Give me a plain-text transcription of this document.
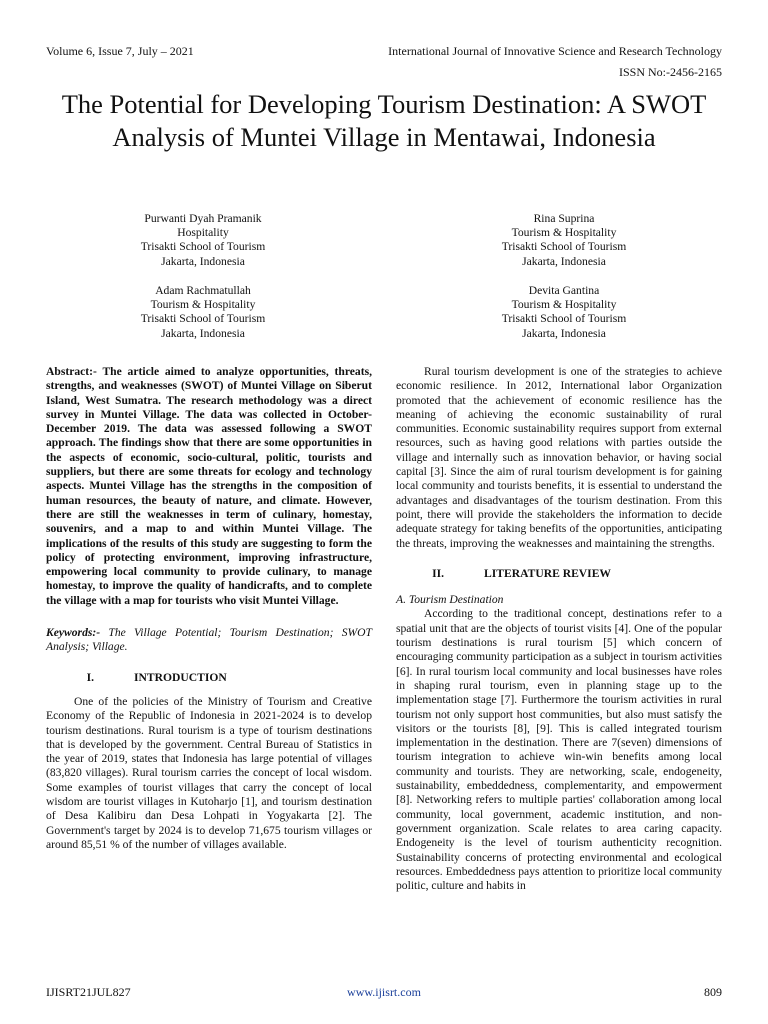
Volume 6, Issue 7, July – 2021	International Journal of Innovative Science and Research Technology
ISSN No:-2456-2165
The Potential for Developing Tourism Destination: A SWOT Analysis of Muntei Village in Mentawai, Indonesia
Purwanti Dyah Pramanik
Hospitality
Trisakti School of Tourism
Jakarta, Indonesia
Rina Suprina
Tourism & Hospitality
Trisakti School of Tourism
Jakarta, Indonesia
Adam Rachmatullah
Tourism & Hospitality
Trisakti School of Tourism
Jakarta, Indonesia
Devita Gantina
Tourism & Hospitality
Trisakti School of Tourism
Jakarta, Indonesia

Abstract:- The article aimed to analyze opportunities, threats, strengths, and weaknesses (SWOT) of Muntei Village on Siberut Island, West Sumatra. The research methodology was a direct survey in Muntei Village. The data was collected in October-December 2019. The data was assessed following a SWOT approach. The findings show that there are some opportunities in the aspects of economic, socio-cultural, politic, tourists and suppliers, but there are some threats for ecology and technology aspects. Muntei Village has the strengths in the composition of human resources, the beauty of nature, and climate. However, there are still the weaknesses in term of culinary, homestay, souvenirs, and a map to and within Muntei Village. The implications of the results of this study are suggesting to form the policy of protecting environment, improving infrastructure, empowering local community to provide culinary, to manage homestay, to improve the quality of handicrafts, and to complete the village with a map for tourists who visit Muntei Village.

Keywords:- The Village Potential; Tourism Destination; SWOT Analysis; Village.

I.	INTRODUCTION

One of the policies of the Ministry of Tourism and Creative Economy of the Republic of Indonesia in 2021-2024 is to develop tourism destinations. Rural tourism is a type of tourism destinations that is developed by the government. Central Bureau of Statistics in the year of 2019, states that Indonesia has large potential of villages (83,820 villages). Rural tourism carries the concept of local wisdom. Some examples of tourist villages that carry the concept of local wisdom are tourist villages in Kutoharjo [1], and tourism destination of Desa Kalibiru dan Desa Lohpati in Yogyakarta [2]. The Government's target by 2024 is to develop 71,675 tourism villages or around 85,51 % of the number of villages available.

Rural tourism development is one of the strategies to achieve economic resilience. In 2012, International labor Organization promoted that the achievement of economic resilience has the meaning of achieving the economic sustainability of rural communities. Economic sustainability requires support from external resources, such as having good relations with parties outside the village and internally such as innovation behavior, or having social capital [3]. Since the aim of rural tourism development is for gaining local community and tourists benefits, it is essential to understand the advantages and disadvantages of the tourism destination. From this point, there will provide the stakeholders the information to decide adequate strategy for taking benefits of the opportunities, anticipating the threats, improving the weaknesses and maintaining the strengths.

II.	LITERATURE REVIEW
A. Tourism Destination

According to the traditional concept, destinations refer to a spatial unit that are the objects of tourist visits [4]. One of the popular tourism destinations is rural tourism [5] which concern of encouraging community participation as a subject in tourism activities [6]. In rural tourism local community and local businesses have roles in shaping rural tourism, even in planning stage up to the implementation stage [7]. Furthermore the tourism activities in rural tourism not only support host communities, but also must satisfy the visitors or the tourists [8], [9]. This is called integrated tourism implementation in the destination. There are 7(seven) dimensions of tourism integration to achieve win-win benefits among local community and tourists. They are networking, scale, endogeneity, sustainability, embeddedness, complementarity, and empowerment [8]. Networking refers to multiple parties' collaboration among local community, local government, academic institution, and non-government organization. Scale relates to area caring capacity. Endogeneity is the level of tourism authenticity recognition. Sustainability concerns of protecting environmental and ecological resources. Embeddedness pays attention to prioritize local community politic, culture and habits in

IJISRT21JUL827	www.ijisrt.com	809
